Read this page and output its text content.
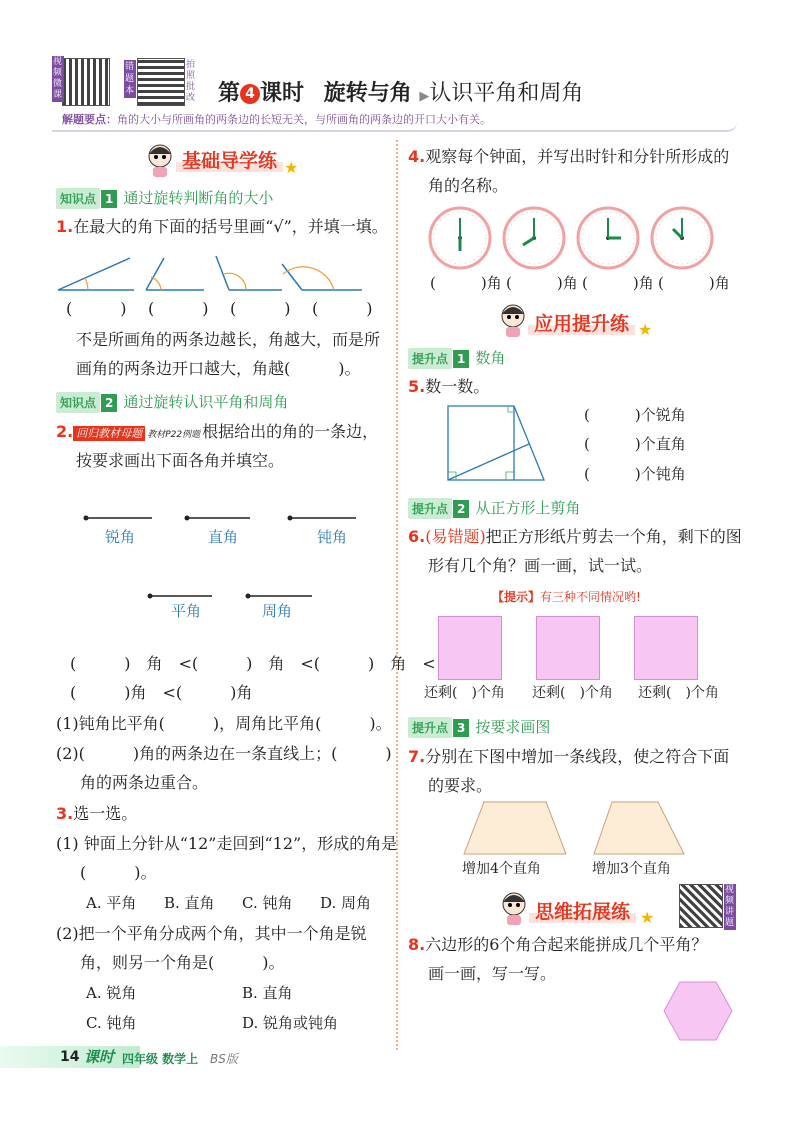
视频微课
错题本
拍照批改 第 4 课时 旋转与角 ▶认识平角和周角
解题要点：角的大小与所画角的两条边的长短无关，与所画角的两条边的开口大小有关。
基础导学练 ★
知识点 1 通过旋转判断角的大小
1.在最大的角下面的括号里画“√”，并填一填。
(　　　) (　　　) (　　　) (　　　)
不是所画角的两条边越长，角越大，而是所
画角的两条边开口越大，角越(　　　)。
知识点 2 通过旋转认识平角和周角
2. 回归教材母题 教材P22例题 根据给出的角的一条边，
按要求画出下面各角并填空。
锐角	直角	钝角
平角	周角
(　　　)　角　<(　　　)　角　<(　　　)　角　<
(　　　)角　<(　　　)角
(1)钝角比平角(　　　)，周角比平角(　　　)。
(2)(　　　)角的两条边在一条直线上；(　　　)
角的两条边重合。
3.选一选。
(1) 钟面上分针从“12”走回到“12”，形成的角是
(　　　)。
A. 平角 B. 直角 C. 钝角 D. 周角
(2)把一个平角分成两个角，其中一个角是锐
角，则另一个角是(　　　)。
A. 锐角	B. 直角
C. 钝角	D. 锐角或钝角
4.观察每个钟面，并写出时针和分针所形成的
角的名称。
(　　　)角 (　　　)角 (　　　)角 (　　　)角
应用提升练 ★
提升点 1 数角
5.数一数。
(　　　)个锐角
(　　　)个直角
(　　　)个钝角
提升点 2 从正方形上剪角
6.(易错题)把正方形纸片剪去一个角，剩下的图
形有几个角？画一画，试一试。
【提示】有三种不同情况哟!
还剩(　)个角 还剩(　)个角 还剩(　)个角
提升点 3 按要求画图
7.分别在下图中增加一条线段，使之符合下面
的要求。
增加4个直角	增加3个直角
思维拓展练 ★
视频讲题
8.六边形的6个角合起来能拼成几个平角？
画一画，写一写。
14 课时 四年级 数学上 BS版
